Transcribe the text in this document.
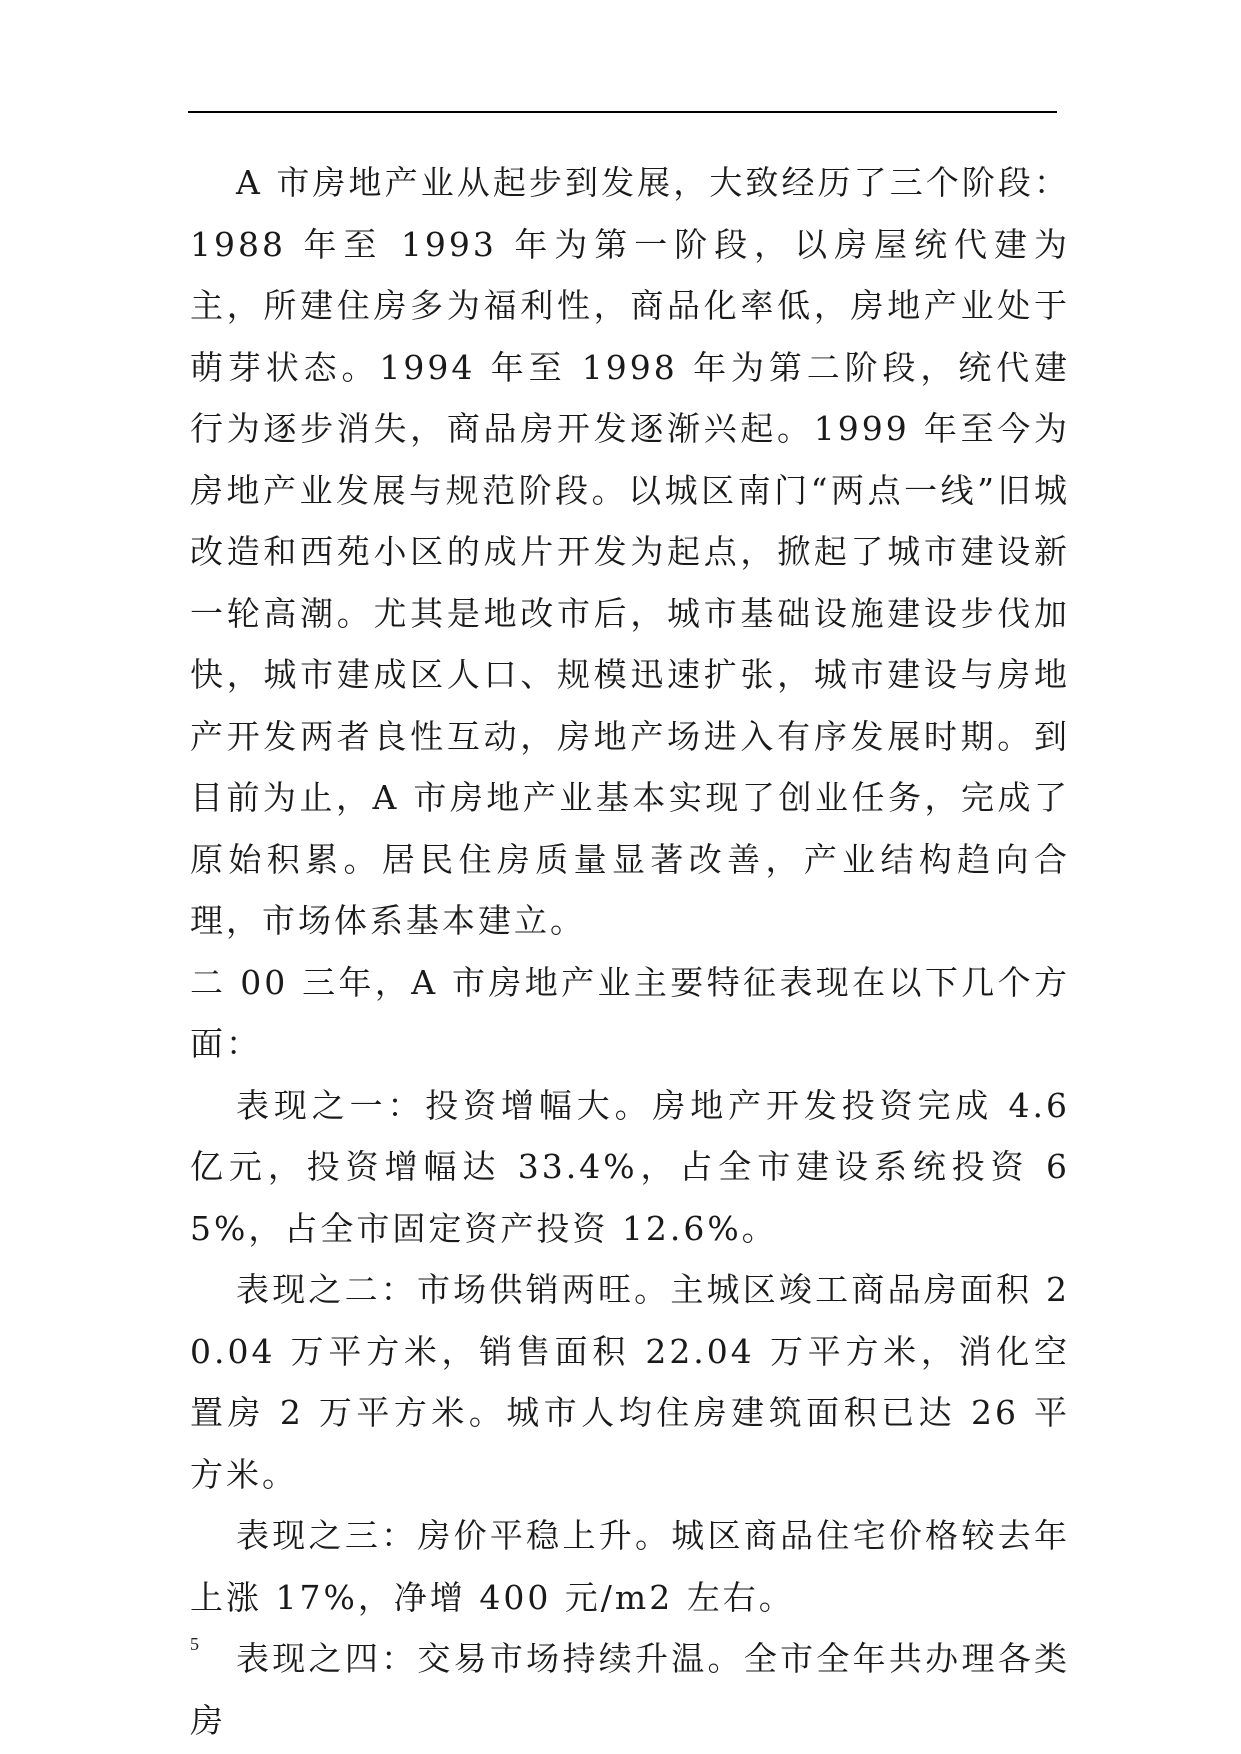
A 市房地产业从起步到发展，大致经历了三个阶段：1988 年至 1993 年为第一阶段，以房屋统代建为主，所建住房多为福利性，商品化率低，房地产业处于萌芽状态。1994 年至 1998 年为第二阶段，统代建行为逐步消失，商品房开发逐渐兴起。1999 年至今为房地产业发展与规范阶段。以城区南门“两点一线”旧城改造和西苑小区的成片开发为起点，掀起了城市建设新一轮高潮。尤其是地改市后，城市基础设施建设步伐加快，城市建成区人口、规模迅速扩张，城市建设与房地产开发两者良性互动，房地产场进入有序发展时期。到目前为止，A 市房地产业基本实现了创业任务，完成了原始积累。居民住房质量显著改善，产业结构趋向合理，市场体系基本建立。

二 00 三年，A 市房地产业主要特征表现在以下几个方面：

表现之一：投资增幅大。房地产开发投资完成 4.6 亿元，投资增幅达 33.4%，占全市建设系统投资 65%，占全市固定资产投资 12.6%。

表现之二：市场供销两旺。主城区竣工商品房面积 20.04 万平方米，销售面积 22.04 万平方米，消化空置房 2 万平方米。城市人均住房建筑面积已达 26 平方米。

表现之三：房价平稳上升。城区商品住宅价格较去年上涨 17%，净增 400 元/m2 左右。

表现之四：交易市场持续升温。全市全年共办理各类房

5
